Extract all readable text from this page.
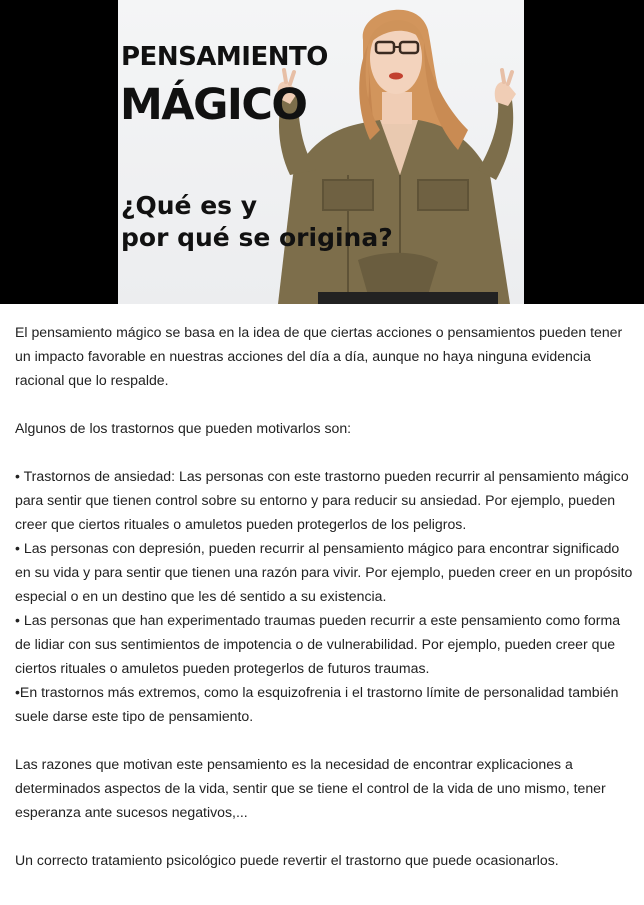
PENSAMIENTO
MÁGICO
¿Qué es y
por qué se origina?

El pensamiento mágico se basa en la idea de que ciertas acciones o pensamientos pueden tener
un impacto favorable en nuestras acciones del día a día, aunque no haya ninguna evidencia
racional que lo respalde.

Algunos de los trastornos que pueden motivarlos son:

• Trastornos de ansiedad: Las personas con este trastorno pueden recurrir al pensamiento mágico
para sentir que tienen control sobre su entorno y para reducir su ansiedad. Por ejemplo, pueden
creer que ciertos rituales o amuletos pueden protegerlos de los peligros.

• Las personas con depresión, pueden recurrir al pensamiento mágico para encontrar significado
en su vida y para sentir que tienen una razón para vivir. Por ejemplo, pueden creer en un propósito
especial o en un destino que les dé sentido a su existencia.

• Las personas que han experimentado traumas pueden recurrir a este pensamiento como forma
de lidiar con sus sentimientos de impotencia o de vulnerabilidad. Por ejemplo, pueden creer que
ciertos rituales o amuletos pueden protegerlos de futuros traumas.

•En trastornos más extremos, como la esquizofrenia i el trastorno límite de personalidad también
suele darse este tipo de pensamiento.

Las razones que motivan este pensamiento es la necesidad de encontrar explicaciones a
determinados aspectos de la vida, sentir que se tiene el control de la vida de uno mismo, tener
esperanza ante sucesos negativos,...

Un correcto tratamiento psicológico puede revertir el trastorno que puede ocasionarlos.
